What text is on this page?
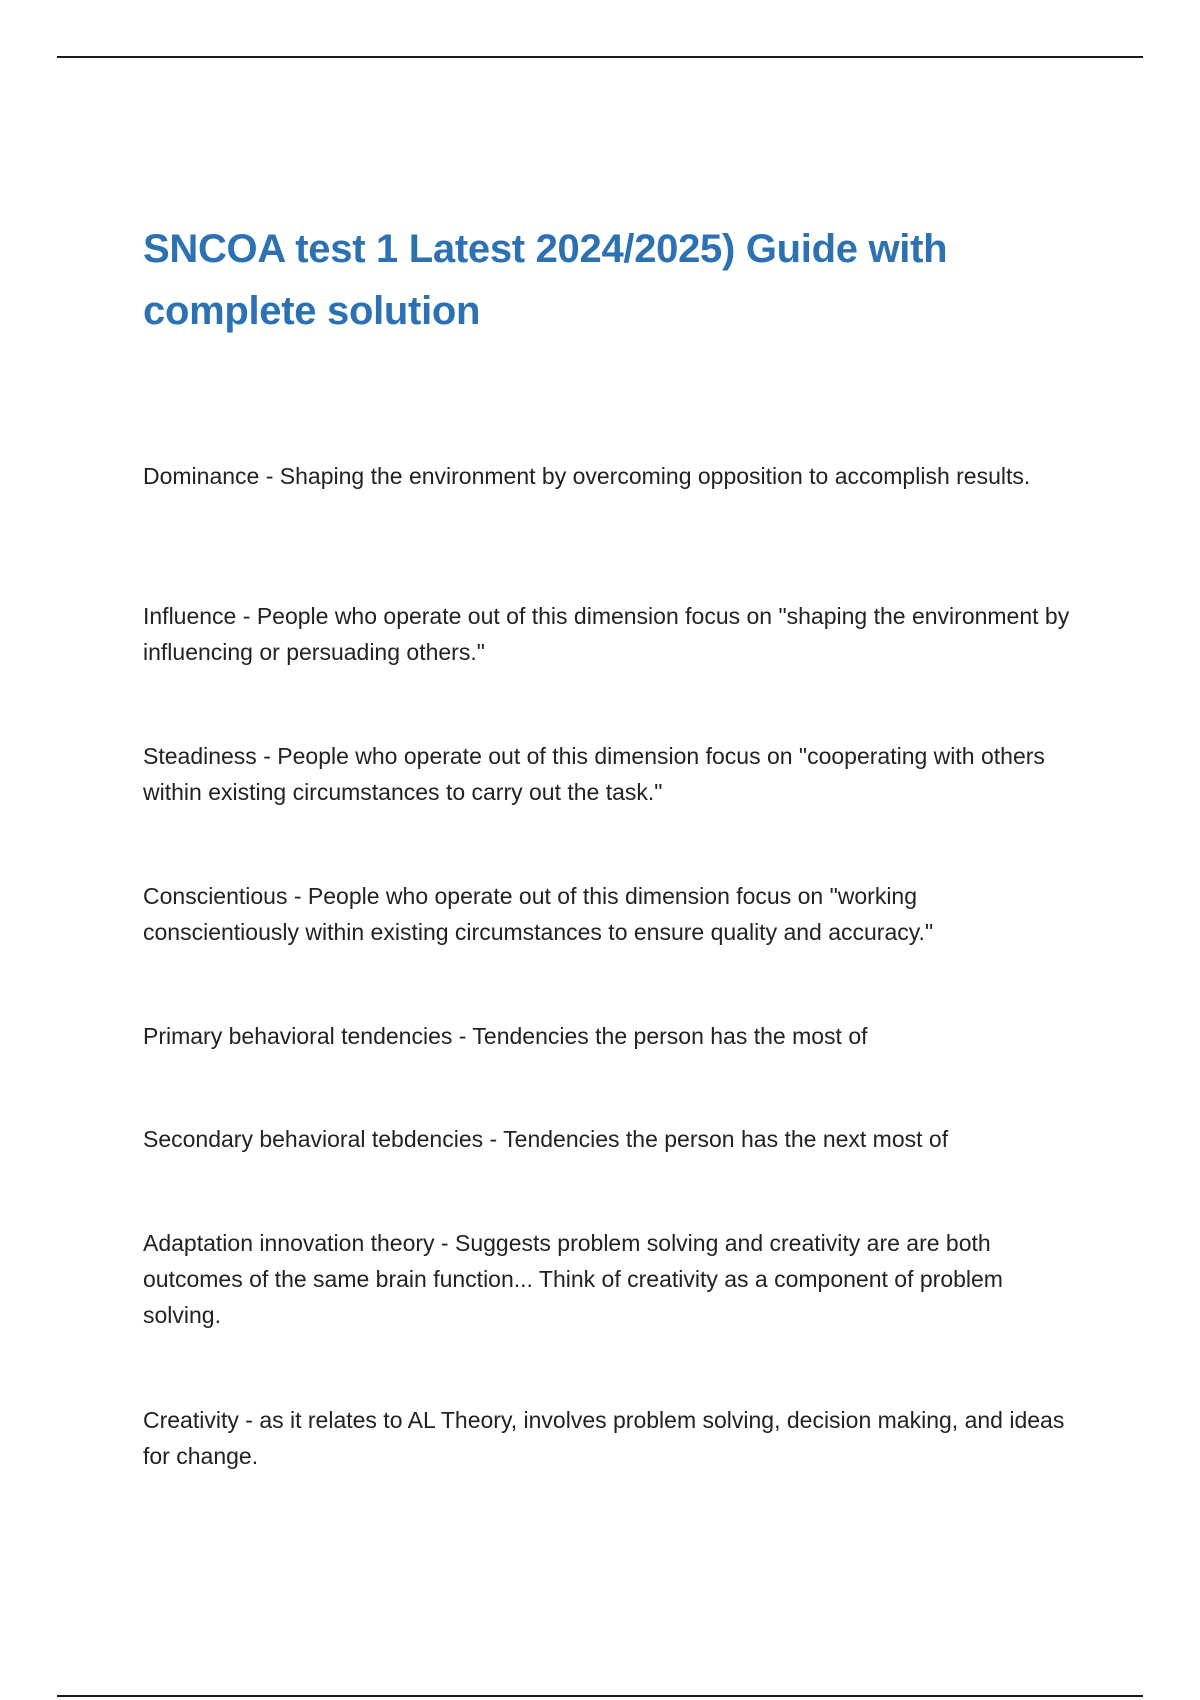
SNCOA test 1 Latest 2024/2025) Guide with complete solution

Dominance - Shaping the environment by overcoming opposition to accomplish results.

Influence - People who operate out of this dimension focus on "shaping the environment by influencing or persuading others."

Steadiness - People who operate out of this dimension focus on "cooperating with others within existing circumstances to carry out the task."

Conscientious - People who operate out of this dimension focus on "working conscientiously within existing circumstances to ensure quality and accuracy."

Primary behavioral tendencies - Tendencies the person has the most of

Secondary behavioral tebdencies - Tendencies the person has the next most of

Adaptation innovation theory - Suggests problem solving and creativity are are both outcomes of the same brain function... Think of creativity as a component of problem solving.

Creativity - as it relates to AL Theory, involves problem solving, decision making, and ideas for change.
